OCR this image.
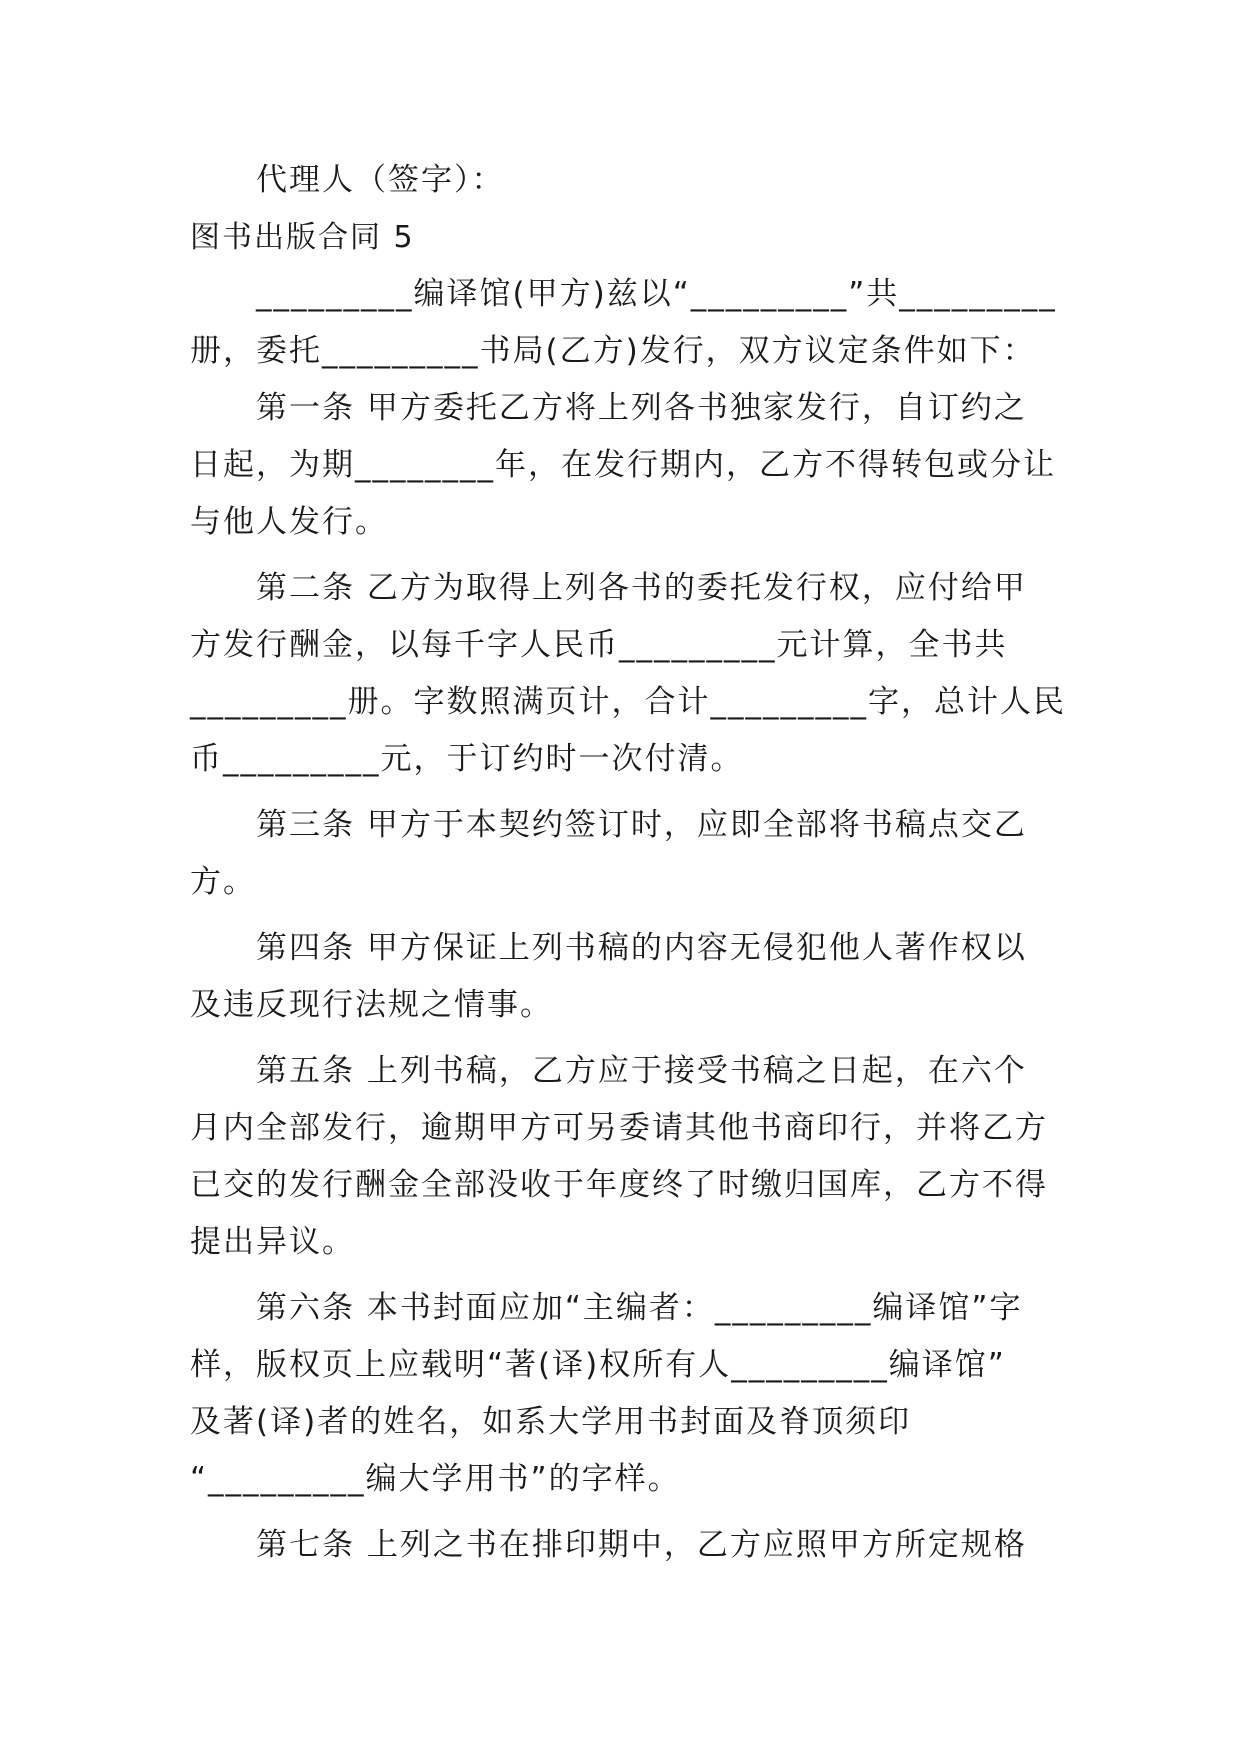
代理人（签字）：
图书出版合同 5
_________编译馆(甲方)兹以“_________”共_________
册，委托_________书局(乙方)发行，双方议定条件如下：
第一条 甲方委托乙方将上列各书独家发行，自订约之
日起，为期________年，在发行期内，乙方不得转包或分让
与他人发行。
第二条 乙方为取得上列各书的委托发行权，应付给甲
方发行酬金，以每千字人民币_________元计算，全书共
_________册。字数照满页计，合计_________字，总计人民
币_________元，于订约时一次付清。
第三条 甲方于本契约签订时，应即全部将书稿点交乙
方。
第四条 甲方保证上列书稿的内容无侵犯他人著作权以
及违反现行法规之情事。
第五条 上列书稿，乙方应于接受书稿之日起，在六个
月内全部发行，逾期甲方可另委请其他书商印行，并将乙方
已交的发行酬金全部没收于年度终了时缴归国库，乙方不得
提出异议。
第六条 本书封面应加“主编者：_________编译馆”字
样，版权页上应载明“著(译)权所有人_________编译馆”
及著(译)者的姓名，如系大学用书封面及脊顶须印
“_________编大学用书”的字样。
第七条 上列之书在排印期中，乙方应照甲方所定规格
